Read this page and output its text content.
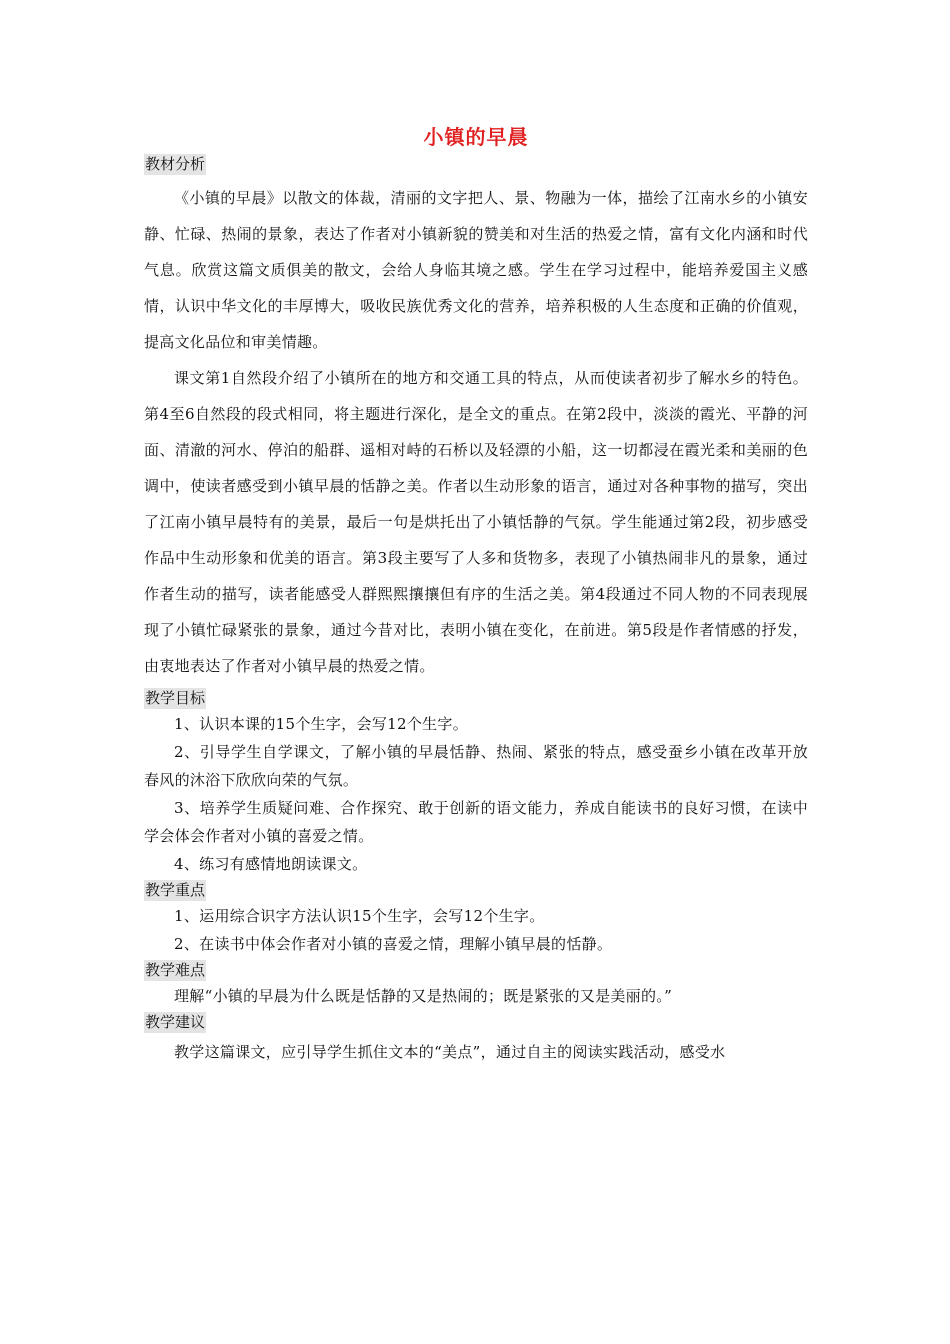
小镇的早晨
教材分析

《小镇的早晨》以散文的体裁，清丽的文字把人、景、物融为一体，描绘了江南水乡的小镇安静、忙碌、热闹的景象，表达了作者对小镇新貌的赞美和对生活的热爱之情，富有文化内涵和时代气息。欣赏这篇文质俱美的散文，会给人身临其境之感。学生在学习过程中，能培养爱国主义感情，认识中华文化的丰厚博大，吸收民族优秀文化的营养，培养积极的人生态度和正确的价值观，提高文化品位和审美情趣。

课文第1自然段介绍了小镇所在的地方和交通工具的特点，从而使读者初步了解水乡的特色。第4至6自然段的段式相同，将主题进行深化，是全文的重点。在第2段中，淡淡的霞光、平静的河面、清澈的河水、停泊的船群、遥相对峙的石桥以及轻漂的小船，这一切都浸在霞光柔和美丽的色调中，使读者感受到小镇早晨的恬静之美。作者以生动形象的语言，通过对各种事物的描写，突出了江南小镇早晨特有的美景，最后一句是烘托出了小镇恬静的气氛。学生能通过第2段，初步感受作品中生动形象和优美的语言。第3段主要写了人多和货物多，表现了小镇热闹非凡的景象，通过作者生动的描写，读者能感受人群熙熙攘攘但有序的生活之美。第4段通过不同人物的不同表现展现了小镇忙碌紧张的景象，通过今昔对比，表明小镇在变化，在前进。第5段是作者情感的抒发，由衷地表达了作者对小镇早晨的热爱之情。

教学目标

1、认识本课的15个生字，会写12个生字。

2、引导学生自学课文，了解小镇的早晨恬静、热闹、紧张的特点，感受蚕乡小镇在改革开放春风的沐浴下欣欣向荣的气氛。

3、培养学生质疑问难、合作探究、敢于创新的语文能力，养成自能读书的良好习惯，在读中学会体会作者对小镇的喜爱之情。

4、练习有感情地朗读课文。

教学重点

1、运用综合识字方法认识15个生字，会写12个生字。

2、在读书中体会作者对小镇的喜爱之情，理解小镇早晨的恬静。

教学难点

理解“小镇的早晨为什么既是恬静的又是热闹的；既是紧张的又是美丽的。”

教学建议

教学这篇课文，应引导学生抓住文本的“美点”，通过自主的阅读实践活动，感受水
